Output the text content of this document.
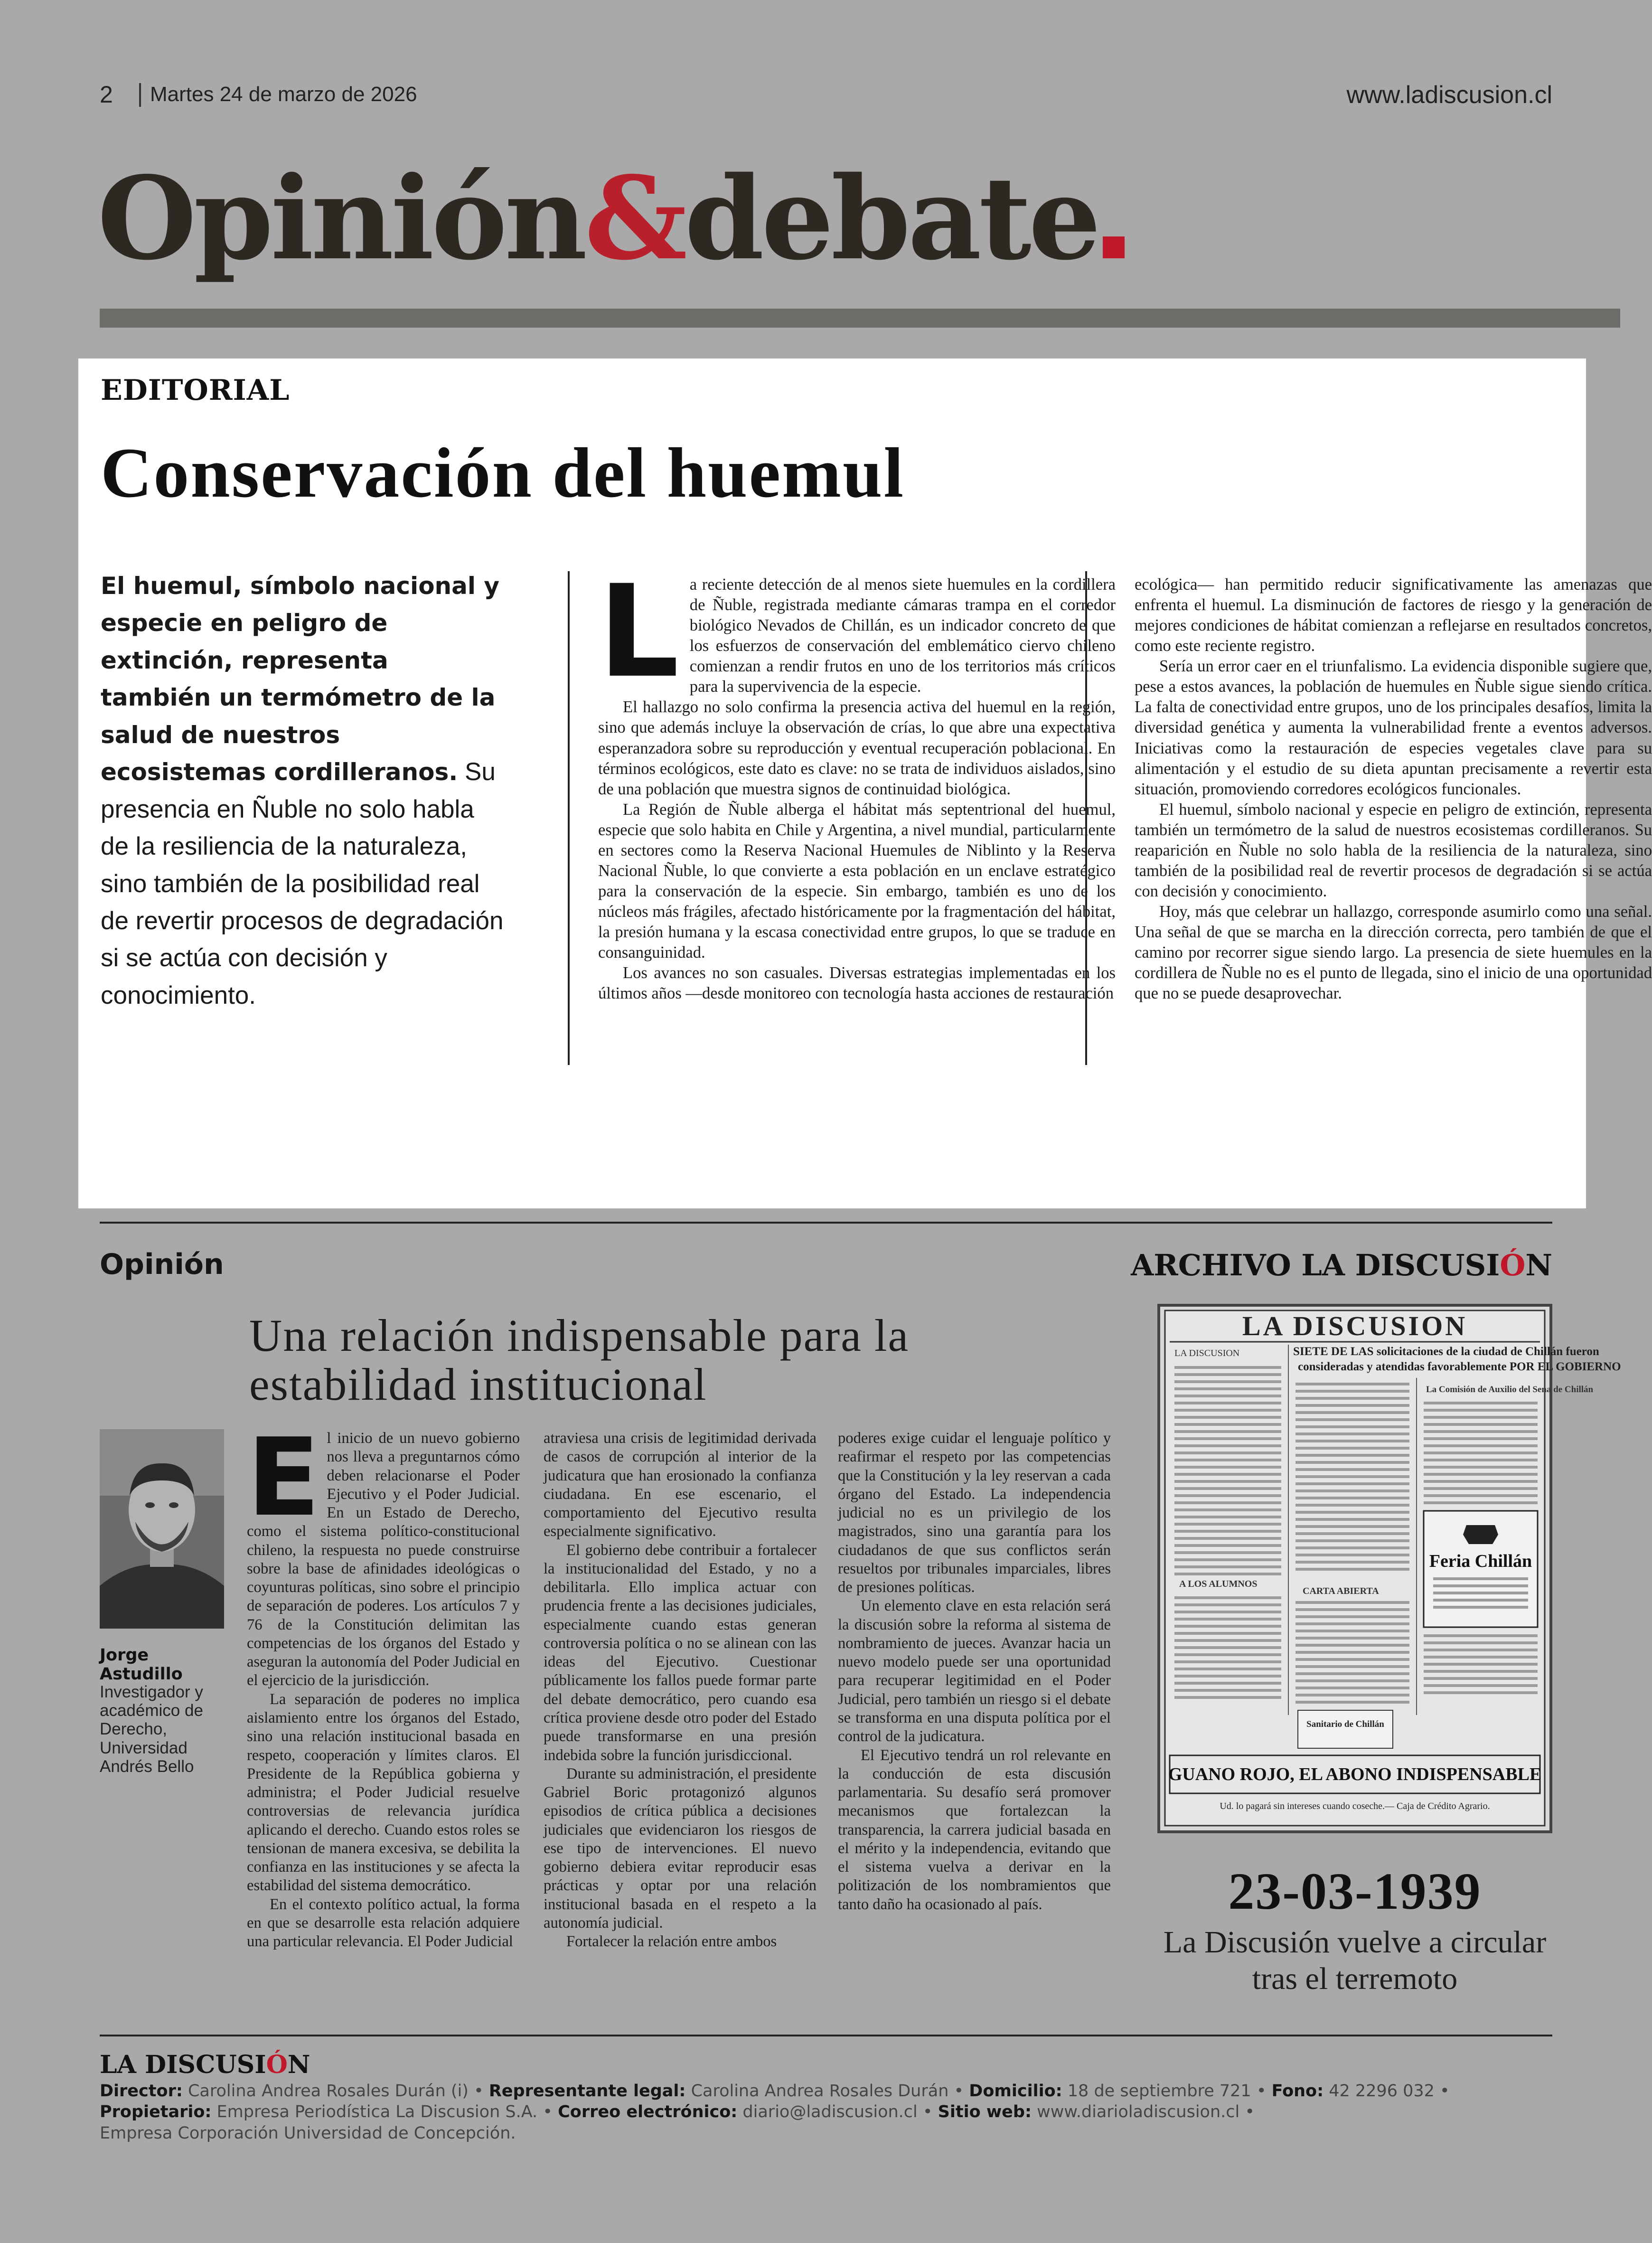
2 Martes 24 de marzo de 2026	www.ladiscusion.cl
Opinión&debate
EDITORIAL
Conservación del huemul
El huemul, símbolo nacional y especie en peligro de extinción, representa también un termómetro de la salud de nuestros ecosistemas cordilleranos. Su presencia en Ñuble no solo habla de la resiliencia de la naturaleza, sino también de la posibilidad real de revertir procesos de degradación si se actúa con decisión y conocimiento.
L a reciente detección de al menos siete huemules en la cordillera de Ñuble, registrada mediante cámaras trampa en el corredor biológico Nevados de Chillán, es un indicador concreto de que los esfuerzos de conservación del emblemático ciervo chileno comienzan a rendir frutos en uno de los territorios más críticos para la supervivencia de la especie.

El hallazgo no solo confirma la presencia activa del huemul en la región, sino que además incluye la observación de crías, lo que abre una expectativa esperanzadora sobre su reproducción y eventual recuperación poblacional. En términos ecológicos, este dato es clave: no se trata de individuos aislados, sino de una población que muestra signos de continuidad biológica.

La Región de Ñuble alberga el hábitat más septentrional del huemul, especie que solo habita en Chile y Argentina, a nivel mundial, particularmente en sectores como la Reserva Nacional Huemules de Niblinto y la Reserva Nacional Ñuble, lo que convierte a esta población en un enclave estratégico para la conservación de la especie. Sin embargo, también es uno de los núcleos más frágiles, afectado históricamente por la fragmentación del hábitat, la presión humana y la escasa conectividad entre grupos, lo que se traduce en consanguinidad.

Los avances no son casuales. Diversas estrategias implementadas en los últimos años —desde monitoreo con tecnología hasta acciones de restauración

ecológica— han permitido reducir significativamente las amenazas que enfrenta el huemul. La disminución de factores de riesgo y la generación de mejores condiciones de hábitat comienzan a reflejarse en resultados concretos, como este reciente registro.

Sería un error caer en el triunfalismo. La evidencia disponible sugiere que, pese a estos avances, la población de huemules en Ñuble sigue siendo crítica. La falta de conectividad entre grupos, uno de los principales desafíos, limita la diversidad genética y aumenta la vulnerabilidad frente a eventos adversos. Iniciativas como la restauración de especies vegetales clave para su alimentación y el estudio de su dieta apuntan precisamente a revertir esta situación, promoviendo corredores ecológicos funcionales.

El huemul, símbolo nacional y especie en peligro de extinción, representa también un termómetro de la salud de nuestros ecosistemas cordilleranos. Su reaparición en Ñuble no solo habla de la resiliencia de la naturaleza, sino también de la posibilidad real de revertir procesos de degradación si se actúa con decisión y conocimiento.

Hoy, más que celebrar un hallazgo, corresponde asumirlo como una señal. Una señal de que se marcha en la dirección correcta, pero también de que el camino por recorrer sigue siendo largo. La presencia de siete huemules en la cordillera de Ñuble no es el punto de llegada, sino el inicio de una oportunidad que no se puede desaprovechar.

Opinión
Una relación indispensable para la estabilidad institucional
Jorge
Astudillo
Investigador y académico de Derecho, Universidad Andrés Bello
E l inicio de un nuevo gobierno nos lleva a preguntarnos cómo deben relacionarse el Poder Ejecutivo y el Poder Judicial. En un Estado de Derecho, como el sistema político-constitucional chileno, la respuesta no puede construirse sobre la base de afinidades ideológicas o coyunturas políticas, sino sobre el principio de separación de poderes. Los artículos 7 y 76 de la Constitución delimitan las competencias de los órganos del Estado y aseguran la autonomía del Poder Judicial en el ejercicio de la jurisdicción.

La separación de poderes no implica aislamiento entre los órganos del Estado, sino una relación institucional basada en respeto, cooperación y límites claros. El Presidente de la República gobierna y administra; el Poder Judicial resuelve controversias de relevancia jurídica aplicando el derecho. Cuando estos roles se tensionan de manera excesiva, se debilita la confianza en las instituciones y se afecta la estabilidad del sistema democrático.

En el contexto político actual, la forma en que se desarrolle esta relación adquiere una particular relevancia. El Poder Judicial

atraviesa una crisis de legitimidad derivada de casos de corrupción al interior de la judicatura que han erosionado la confianza ciudadana. En ese escenario, el comportamiento del Ejecutivo resulta especialmente significativo.

El gobierno debe contribuir a fortalecer la institucionalidad del Estado, y no a debilitarla. Ello implica actuar con prudencia frente a las decisiones judiciales, especialmente cuando estas generan controversia política o no se alinean con las ideas del Ejecutivo. Cuestionar públicamente los fallos puede formar parte del debate democrático, pero cuando esa crítica proviene desde otro poder del Estado puede transformarse en una presión indebida sobre la función jurisdiccional.

Durante su administración, el presidente Gabriel Boric protagonizó algunos episodios de crítica pública a decisiones judiciales que evidenciaron los riesgos de ese tipo de intervenciones. El nuevo gobierno debiera evitar reproducir esas prácticas y optar por una relación institucional basada en el respeto a la autonomía judicial.

Fortalecer la relación entre ambos

poderes exige cuidar el lenguaje político y reafirmar el respeto por las competencias que la Constitución y la ley reservan a cada órgano del Estado. La independencia judicial no es un privilegio de los magistrados, sino una garantía para los ciudadanos de que sus conflictos serán resueltos por tribunales imparciales, libres de presiones políticas.

Un elemento clave en esta relación será la discusión sobre la reforma al sistema de nombramiento de jueces. Avanzar hacia un nuevo modelo puede ser una oportunidad para recuperar legitimidad en el Poder Judicial, pero también un riesgo si el debate se transforma en una disputa política por el control de la judicatura.

El Ejecutivo tendrá un rol relevante en la conducción de esta discusión parlamentaria. Su desafío será promover mecanismos que fortalezcan la transparencia, la carrera judicial basada en el mérito y la independencia, evitando que el sistema vuelva a derivar en la politización de los nombramientos que tanto daño ha ocasionado al país.

ARCHIVO LA DISCUSIÓN
LA DISCUSION
LA DISCUSION	SIETE DE LAS solicitaciones de la ciudad de Chillán fueron
consideradas y atendidas favorablemente POR EL GOBIERNO
La Comisión de Auxilio del Sena de Chillán
A LOS ALUMNOS
CARTA ABIERTA
Feria Chillán
Sanitario de Chillán
GUANO ROJO, EL ABONO INDISPENSABLE
Ud. lo pagará sin intereses cuando coseche.— Caja de Crédito Agrario.
23-03-1939
La Discusión vuelve a circular tras el terremoto
LA DISCUSIÓN
Director: Carolina Andrea Rosales Durán (i) • Representante legal: Carolina Andrea Rosales Durán • Domicilio: 18 de septiembre 721 • Fono: 42 2296 032 •
Propietario: Empresa Periodística La Discusion S.A. • Correo electrónico: diario@ladiscusion.cl • Sitio web: www.diarioladiscusion.cl •
Empresa Corporación Universidad de Concepción.
